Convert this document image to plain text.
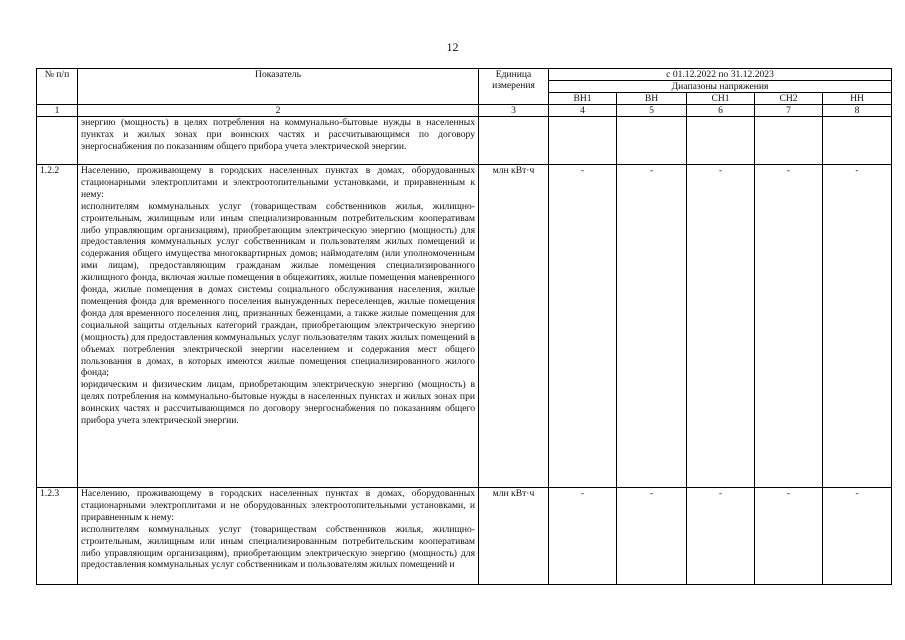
12
№ п/п	Показатель	Единица измерения	с 01.12.2022 по 31.12.2023				
			Диапазоны напряжения				
			ВН1	ВН	СН1	СН2	НН
1	2	3	4	5	6	7	8
	энергию (мощность) в целях потребления на коммунально-бытовые нужды в населенных пунктах и жилых зонах при воинских частях и рассчитывающимся по договору энергоснабжения по показаниям общего прибора учета электрической энергии.						
1.2.2	Населению, проживающему в городских населенных пунктах в домах, оборудованных стационарными электроплитами и электроотопительными установками, и приравненным к нему:

исполнителям коммунальных услуг (товариществам собственников жилья, жилищно-строительным, жилищным или иным специализированным потребительским кооперативам либо управляющим организациям), приобретающим электрическую энергию (мощность) для предоставления коммунальных услуг собственникам и пользователям жилых помещений и содержания общего имущества многоквартирных домов; наймодателям (или уполномоченным ими лицам), предоставляющим гражданам жилые помещения специализированного жилищного фонда, включая жилые помещения в общежитиях, жилые помещения маневренного фонда, жилые помещения в домах системы социального обслуживания населения, жилые помещения фонда для временного поселения вынужденных переселенцев, жилые помещения фонда для временного поселения лиц, признанных беженцами, а также жилые помещения для социальной защиты отдельных категорий граждан, приобретающим электрическую энергию (мощность) для предоставления коммунальных услуг пользователям таких жилых помещений в объемах потребления электрической энергии населением и содержания мест общего пользования в домах, в которых имеются жилые помещения специализированного жилого фонда;

юридическим и физическим лицам, приобретающим электрическую энергию (мощность) в целях потребления на коммунально-бытовые нужды в населенных пунктах и жилых зонах при воинских частях и рассчитывающимся по договору энергоснабжения по показаниям общего прибора учета электрической энергии.	млн кВт·ч	-	-	-	-	-
1.2.3	Населению, проживающему в городских населенных пунктах в домах, оборудованных стационарными электроплитами и не оборудованных электроотопительными установками, и приравненным к нему:

исполнителям коммунальных услуг (товариществам собственников жилья, жилищно-строительным, жилищным или иным специализированным потребительским кооперативам либо управляющим организациям), приобретающим электрическую энергию (мощность) для предоставления коммунальных услуг собственникам и пользователям жилых помещений и	млн кВт·ч	-	-	-	-	-
